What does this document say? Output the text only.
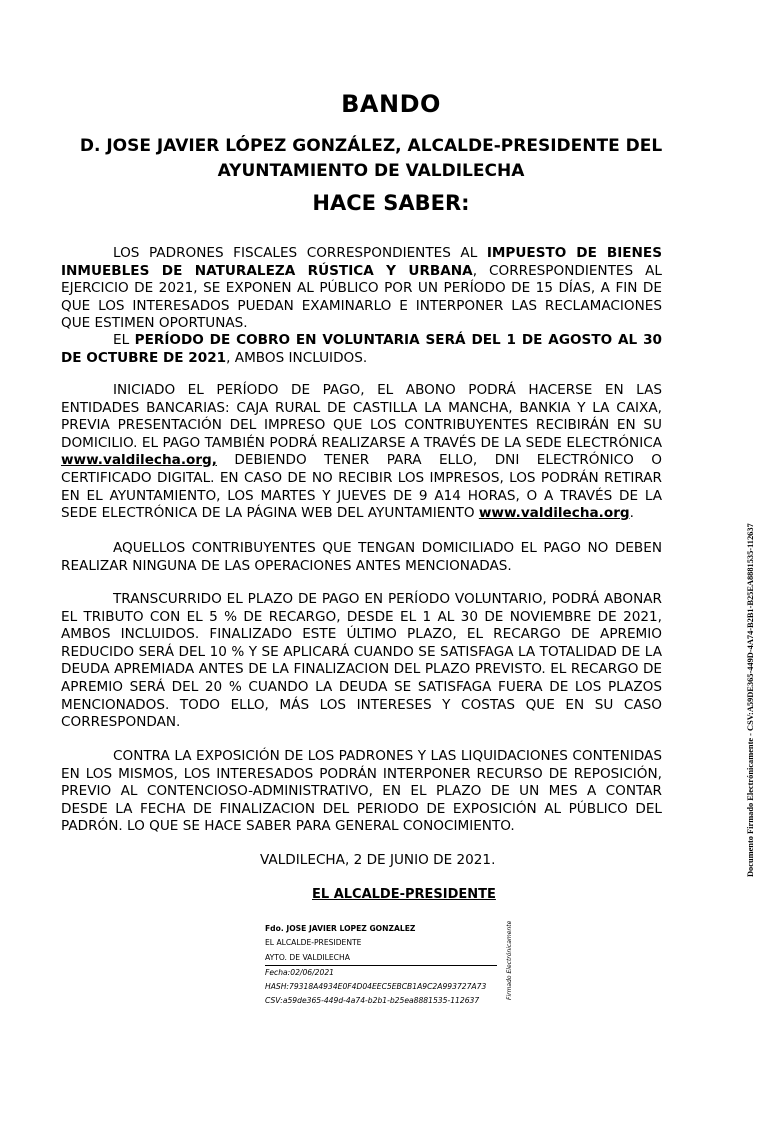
BANDO
D. JOSE JAVIER LÓPEZ GONZÁLEZ, ALCALDE-PRESIDENTE DEL
AYUNTAMIENTO DE VALDILECHA
HACE SABER:

LOS PADRONES FISCALES CORRESPONDIENTES AL IMPUESTO DE BIENES INMUEBLES DE NATURALEZA RÚSTICA Y URBANA, CORRESPONDIENTES AL EJERCICIO DE 2021, SE EXPONEN AL PÚBLICO POR UN PERÍODO DE 15 DÍAS, A FIN DE QUE LOS INTERESADOS PUEDAN EXAMINARLO E INTERPONER LAS RECLAMACIONES QUE ESTIMEN OPORTUNAS.

EL PERÍODO DE COBRO EN VOLUNTARIA SERÁ DEL 1 DE AGOSTO AL 30 DE OCTUBRE DE 2021, AMBOS INCLUIDOS.

INICIADO EL PERÍODO DE PAGO, EL ABONO PODRÁ HACERSE EN LAS ENTIDADES BANCARIAS: CAJA RURAL DE CASTILLA LA MANCHA, BANKIA Y LA CAIXA, PREVIA PRESENTACIÓN DEL IMPRESO QUE LOS CONTRIBUYENTES RECIBIRÁN EN SU DOMICILIO. EL PAGO TAMBIÉN PODRÁ REALIZARSE A TRAVÉS DE LA SEDE ELECTRÓNICA www.valdilecha.org, DEBIENDO TENER PARA ELLO, DNI ELECTRÓNICO O CERTIFICADO DIGITAL. EN CASO DE NO RECIBIR LOS IMPRESOS, LOS PODRÁN RETIRAR EN EL AYUNTAMIENTO, LOS MARTES Y JUEVES DE 9 A14 HORAS, O A TRAVÉS DE LA SEDE ELECTRÓNICA DE LA PÁGINA WEB DEL AYUNTAMIENTO www.valdilecha.org.

AQUELLOS CONTRIBUYENTES QUE TENGAN DOMICILIADO EL PAGO NO DEBEN REALIZAR NINGUNA DE LAS OPERACIONES ANTES MENCIONADAS.

TRANSCURRIDO EL PLAZO DE PAGO EN PERÍODO VOLUNTARIO, PODRÁ ABONAR EL TRIBUTO CON EL 5 % DE RECARGO, DESDE EL 1 AL 30 DE NOVIEMBRE DE 2021, AMBOS INCLUIDOS. FINALIZADO ESTE ÚLTIMO PLAZO, EL RECARGO DE APREMIO REDUCIDO SERÁ DEL 10 % Y SE APLICARÁ CUANDO SE SATISFAGA LA TOTALIDAD DE LA DEUDA APREMIADA ANTES DE LA FINALIZACION DEL PLAZO PREVISTO. EL RECARGO DE APREMIO SERÁ DEL 20 % CUANDO LA DEUDA SE SATISFAGA FUERA DE LOS PLAZOS MENCIONADOS. TODO ELLO, MÁS LOS INTERESES Y COSTAS QUE EN SU CASO CORRESPONDAN.

CONTRA LA EXPOSICIÓN DE LOS PADRONES Y LAS LIQUIDACIONES CONTENIDAS EN LOS MISMOS, LOS INTERESADOS PODRÁN INTERPONER RECURSO DE REPOSICIÓN, PREVIO AL CONTENCIOSO-ADMINISTRATIVO, EN EL PLAZO DE UN MES A CONTAR DESDE LA FECHA DE FINALIZACION DEL PERIODO DE EXPOSICIÓN AL PÚBLICO DEL PADRÓN. LO QUE SE HACE SABER PARA GENERAL CONOCIMIENTO.

VALDILECHA, 2 DE JUNIO DE 2021.
EL ALCALDE-PRESIDENTE
Fdo. JOSE JAVIER LOPEZ GONZALEZ
EL ALCALDE-PRESIDENTE
AYTO. DE VALDILECHA
Fecha:02/06/2021
HASH:79318A4934E0F4D04EEC5EBCB1A9C2A993727A73
CSV:a59de365-449d-4a74-b2b1-b25ea8881535-112637
Firmado Electrónicamente
Documento Firmado Electrónicamente - CSV:A59DE365-449D-4A74-B2B1-B25EA8881535-112637
